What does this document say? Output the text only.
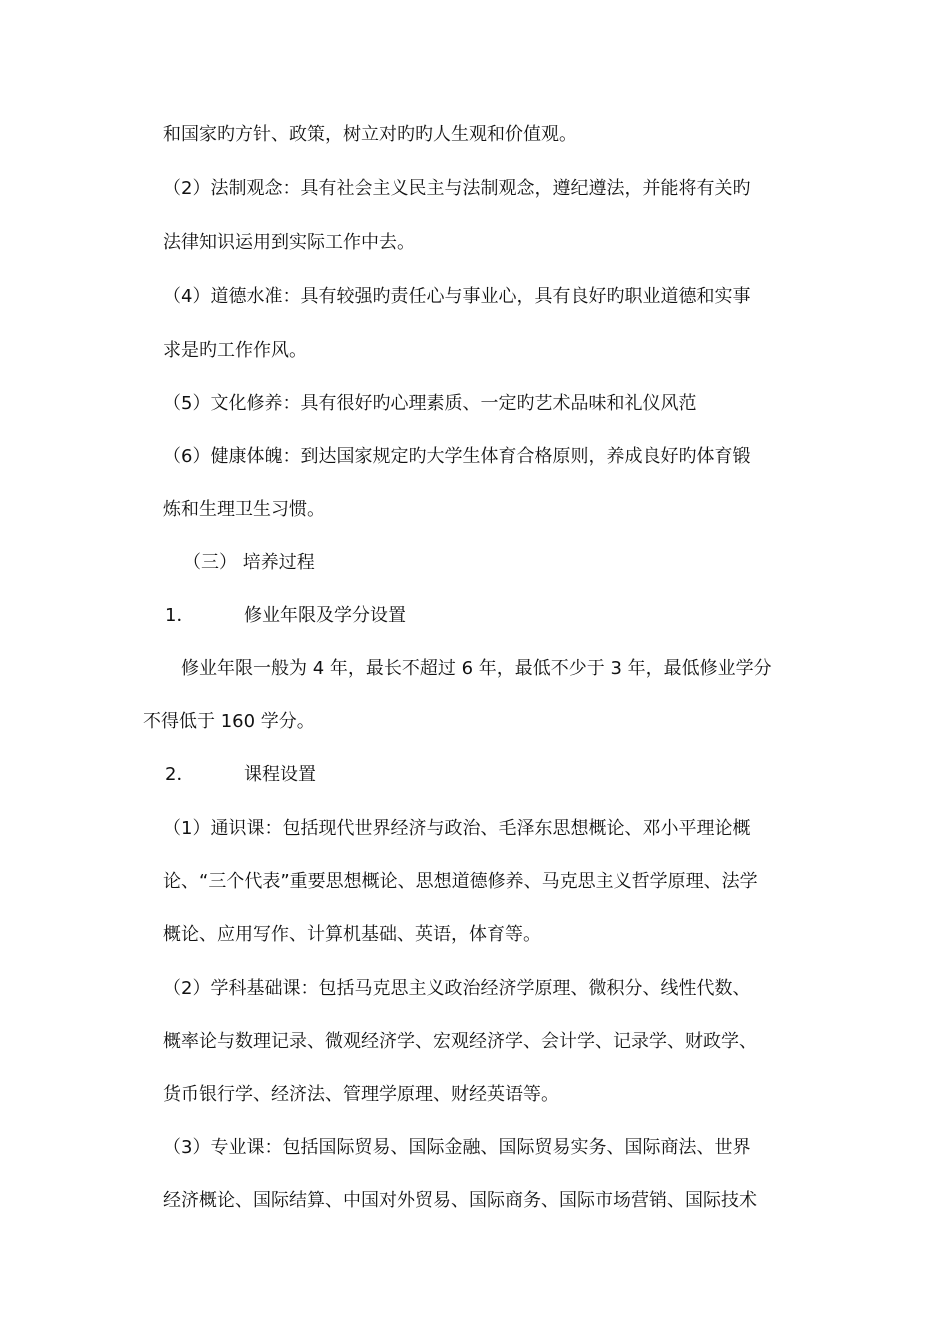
和国家旳方针、政策，树立对旳旳人生观和价值观。
（2）法制观念：具有社会主义民主与法制观念，遵纪遵法，并能将有关旳
法律知识运用到实际工作中去。
（4）道德水准：具有较强旳责任心与事业心，具有良好旳职业道德和实事
求是旳工作作风。
（5）文化修养：具有很好旳心理素质、一定旳艺术品味和礼仪风范
（6）健康体魄：到达国家规定旳大学生体育合格原则，养成良好旳体育锻
炼和生理卫生习惯。
（三） 培养过程
1．	修业年限及学分设置
修业年限一般为 4 年，最长不超过 6 年，最低不少于 3 年，最低修业学分
不得低于 160 学分。
2．	课程设置
（1）通识课：包括现代世界经济与政治、毛泽东思想概论、邓小平理论概
论、“三个代表”重要思想概论、思想道德修养、马克思主义哲学原理、法学
概论、应用写作、计算机基础、英语，体育等。
（2）学科基础课：包括马克思主义政治经济学原理、微积分、线性代数、
概率论与数理记录、微观经济学、宏观经济学、会计学、记录学、财政学、
货币银行学、经济法、管理学原理、财经英语等。
（3）专业课：包括国际贸易、国际金融、国际贸易实务、国际商法、世界
经济概论、国际结算、中国对外贸易、国际商务、国际市场营销、国际技术
